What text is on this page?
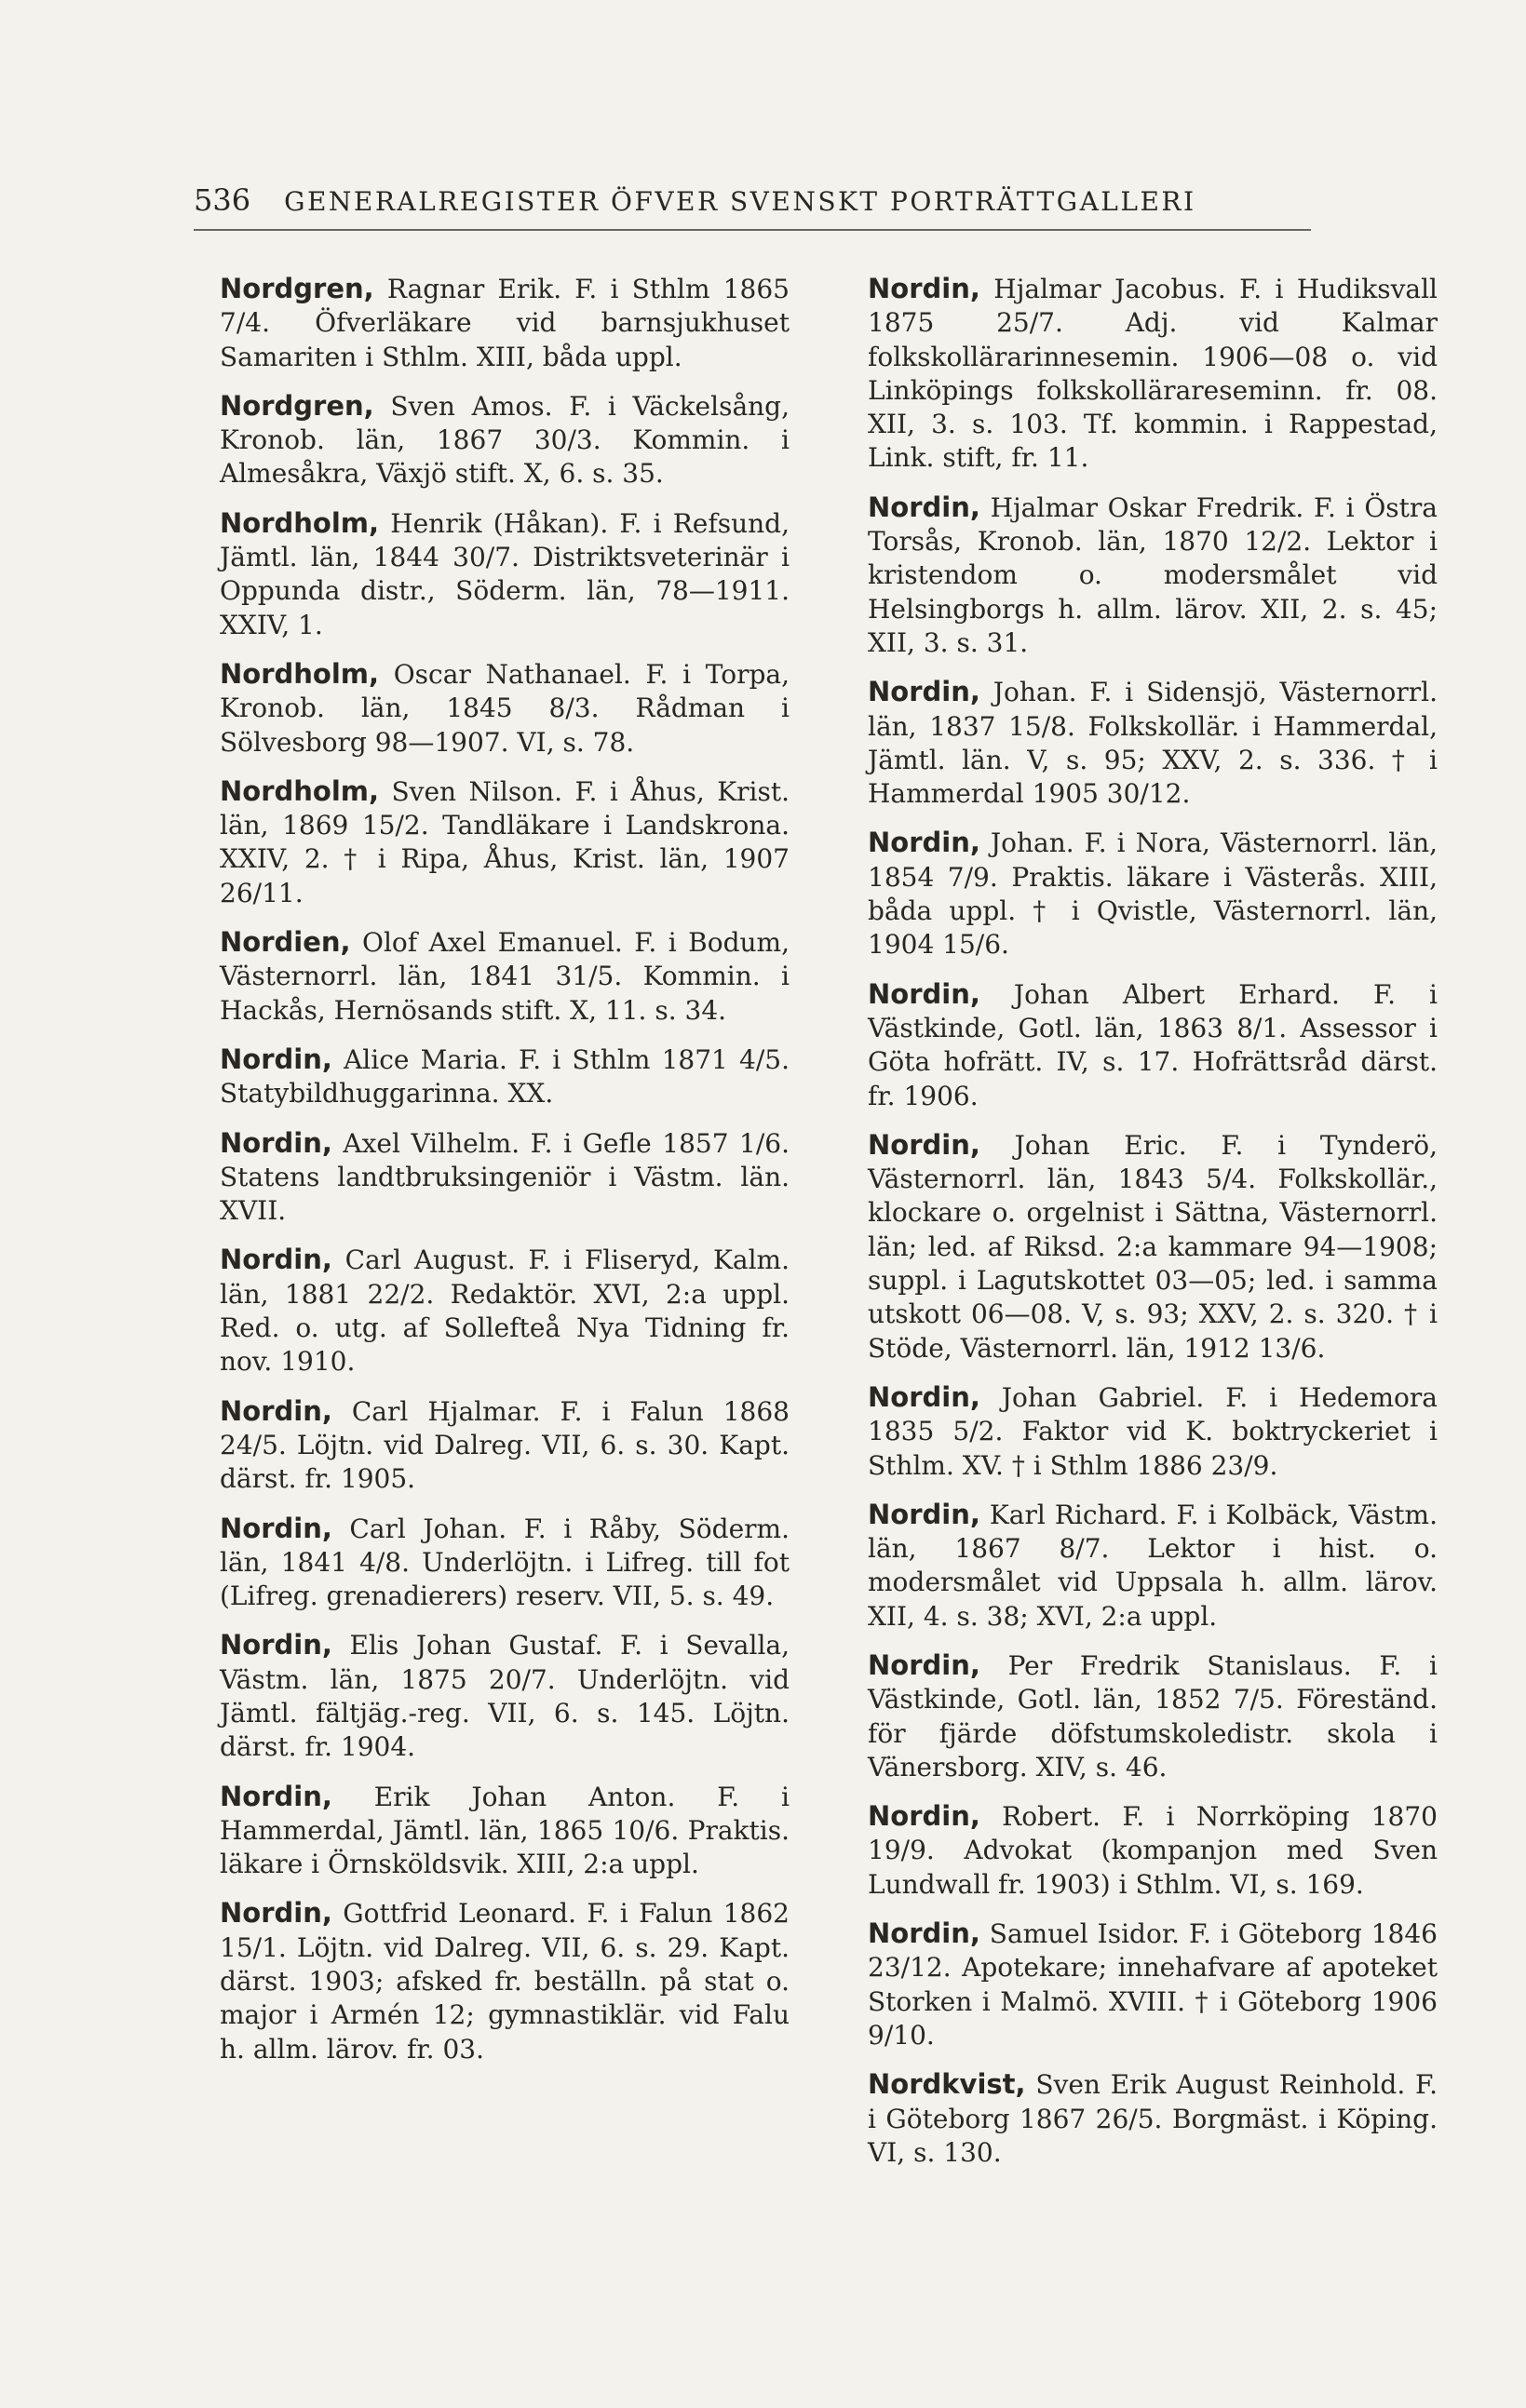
536 GENERALREGISTER ÖFVER SVENSKT PORTRÄTTGALLERI

Nordgren, Ragnar Erik. F. i Sthlm 1865 7/4. Öfverläkare vid barnsjukhuset Samariten i Sthlm. XIII, båda uppl.

Nordgren, Sven Amos. F. i Väckelsång, Kronob. län, 1867 30/3. Kommin. i Almesåkra, Växjö stift. X, 6. s. 35.

Nordholm, Henrik (Håkan). F. i Refsund, Jämtl. län, 1844 30/7. Distriktsveterinär i Oppunda distr., Söderm. län, 78—1911. XXIV, 1.

Nordholm, Oscar Nathanael. F. i Torpa, Kronob. län, 1845 8/3. Rådman i Sölvesborg 98—1907. VI, s. 78.

Nordholm, Sven Nilson. F. i Åhus, Krist. län, 1869 15/2. Tandläkare i Landskrona. XXIV, 2. † i Ripa, Åhus, Krist. län, 1907 26/11.

Nordien, Olof Axel Emanuel. F. i Bodum, Västernorrl. län, 1841 31/5. Kommin. i Hackås, Hernösands stift. X, 11. s. 34.

Nordin, Alice Maria. F. i Sthlm 1871 4/5. Statybildhuggarinna. XX.

Nordin, Axel Vilhelm. F. i Gefle 1857 1/6. Statens landtbruksingeniör i Västm. län. XVII.

Nordin, Carl August. F. i Fliseryd, Kalm. län, 1881 22/2. Redaktör. XVI, 2:a uppl. Red. o. utg. af Sollefteå Nya Tidning fr. nov. 1910.

Nordin, Carl Hjalmar. F. i Falun 1868 24/5. Löjtn. vid Dalreg. VII, 6. s. 30. Kapt. därst. fr. 1905.

Nordin, Carl Johan. F. i Råby, Söderm. län, 1841 4/8. Underlöjtn. i Lifreg. till fot (Lifreg. grenadierers) reserv. VII, 5. s. 49.

Nordin, Elis Johan Gustaf. F. i Sevalla, Västm. län, 1875 20/7. Underlöjtn. vid Jämtl. fältjäg.-reg. VII, 6. s. 145. Löjtn. därst. fr. 1904.

Nordin, Erik Johan Anton. F. i Hammerdal, Jämtl. län, 1865 10/6. Praktis. läkare i Örnsköldsvik. XIII, 2:a uppl.

Nordin, Gottfrid Leonard. F. i Falun 1862 15/1. Löjtn. vid Dalreg. VII, 6. s. 29. Kapt. därst. 1903; afsked fr. beställn. på stat o. major i Armén 12; gymnastiklär. vid Falu h. allm. lärov. fr. 03.

Nordin, Hjalmar Jacobus. F. i Hudiksvall 1875 25/7. Adj. vid Kalmar folkskollärarinnesemin. 1906—08 o. vid Linköpings folkskollärareseminn. fr. 08. XII, 3. s. 103. Tf. kommin. i Rappestad, Link. stift, fr. 11.

Nordin, Hjalmar Oskar Fredrik. F. i Östra Torsås, Kronob. län, 1870 12/2. Lektor i kristendom o. modersmålet vid Helsingborgs h. allm. lärov. XII, 2. s. 45; XII, 3. s. 31.

Nordin, Johan. F. i Sidensjö, Västernorrl. län, 1837 15/8. Folkskollär. i Hammerdal, Jämtl. län. V, s. 95; XXV, 2. s. 336. † i Hammerdal 1905 30/12.

Nordin, Johan. F. i Nora, Västernorrl. län, 1854 7/9. Praktis. läkare i Västerås. XIII, båda uppl. † i Qvistle, Västernorrl. län, 1904 15/6.

Nordin, Johan Albert Erhard. F. i Västkinde, Gotl. län, 1863 8/1. Assessor i Göta hofrätt. IV, s. 17. Hofrättsråd därst. fr. 1906.

Nordin, Johan Eric. F. i Tynderö, Västernorrl. län, 1843 5/4. Folkskollär., klockare o. orgelnist i Sättna, Västernorrl. län; led. af Riksd. 2:a kammare 94—1908; suppl. i Lagutskottet 03—05; led. i samma utskott 06—08. V, s. 93; XXV, 2. s. 320. † i Stöde, Västernorrl. län, 1912 13/6.

Nordin, Johan Gabriel. F. i Hedemora 1835 5/2. Faktor vid K. boktryckeriet i Sthlm. XV. † i Sthlm 1886 23/9.

Nordin, Karl Richard. F. i Kolbäck, Västm. län, 1867 8/7. Lektor i hist. o. modersmålet vid Uppsala h. allm. lärov. XII, 4. s. 38; XVI, 2:a uppl.

Nordin, Per Fredrik Stanislaus. F. i Västkinde, Gotl. län, 1852 7/5. Föreständ. för fjärde döfstumskoledistr. skola i Vänersborg. XIV, s. 46.

Nordin, Robert. F. i Norrköping 1870 19/9. Advokat (kompanjon med Sven Lundwall fr. 1903) i Sthlm. VI, s. 169.

Nordin, Samuel Isidor. F. i Göteborg 1846 23/12. Apotekare; innehafvare af apoteket Storken i Malmö. XVIII. † i Göteborg 1906 9/10.

Nordkvist, Sven Erik August Reinhold. F. i Göteborg 1867 26/5. Borgmäst. i Köping. VI, s. 130.
